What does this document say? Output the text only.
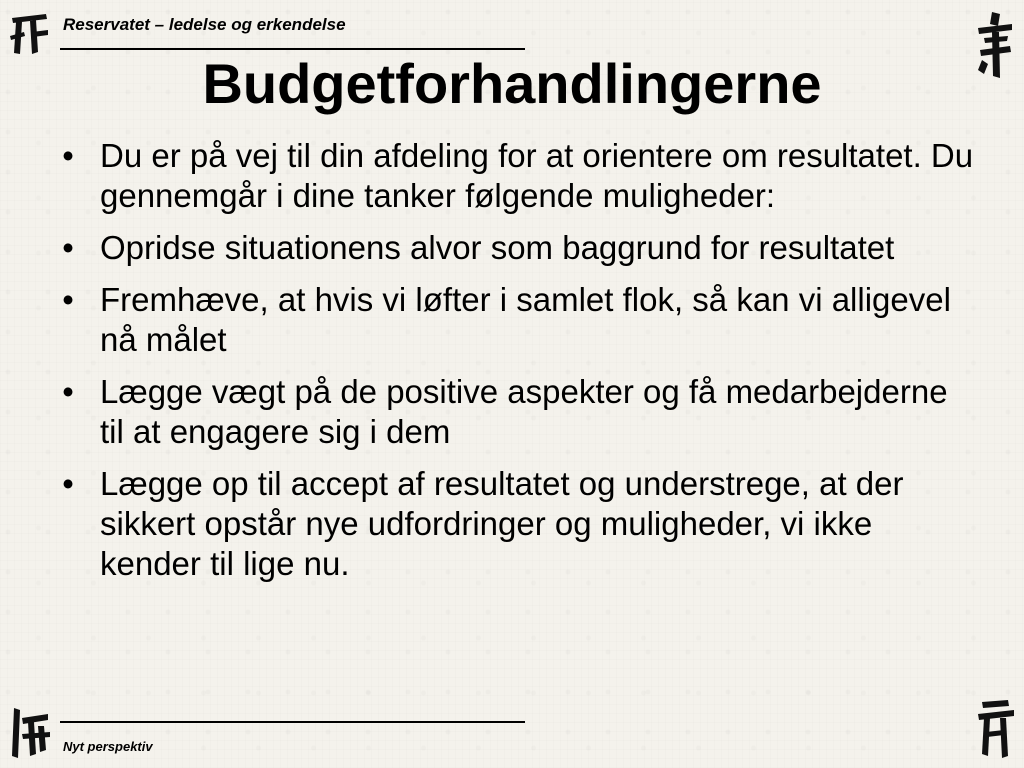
Reservatet – ledelse og erkendelse
Budgetforhandlingerne
• Du er på vej til din afdeling for at orientere om resultatet. Du gennemgår i dine tanker følgende muligheder:
• Opridse situationens alvor som baggrund for resultatet
• Fremhæve, at hvis vi løfter i samlet flok, så kan vi alligevel nå målet
• Lægge vægt på de positive aspekter og få medarbejderne til at engagere sig i dem
• Lægge op til accept af resultatet og understrege, at der sikkert opstår nye udfordringer og muligheder, vi ikke kender til lige nu.
Nyt perspektiv
